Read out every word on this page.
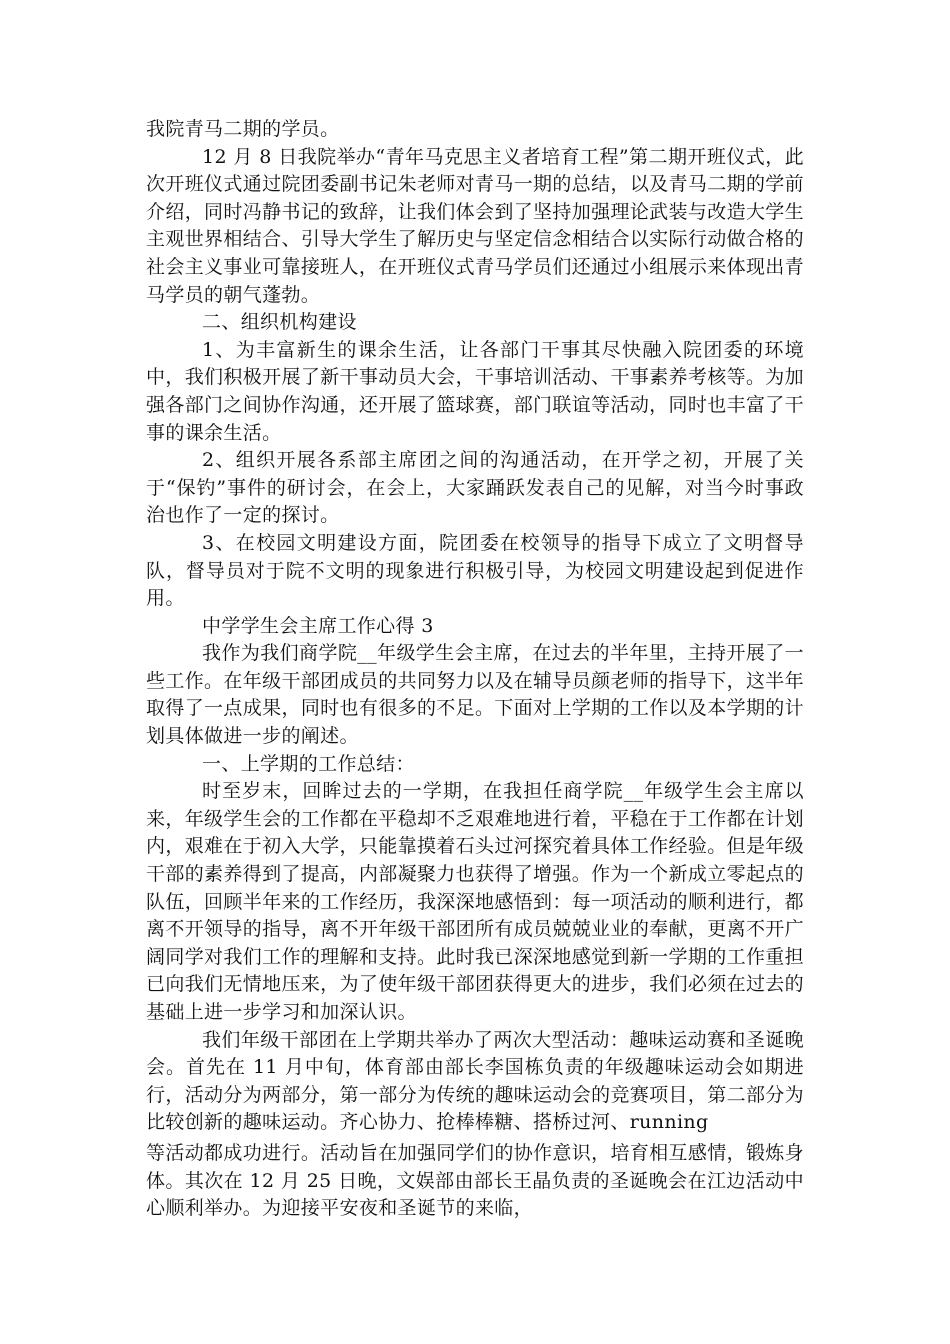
我院青马二期的学员。

12 月 8 日我院举办“青年马克思主义者培育工程”第二期开班仪式，此次开班仪式通过院团委副书记朱老师对青马一期的总结，以及青马二期的学前介绍，同时冯静书记的致辞，让我们体会到了坚持加强理论武装与改造大学生主观世界相结合、引导大学生了解历史与坚定信念相结合以实际行动做合格的社会主义事业可靠接班人，在开班仪式青马学员们还通过小组展示来体现出青马学员的朝气蓬勃。

二、组织机构建设

1、为丰富新生的课余生活，让各部门干事其尽快融入院团委的环境中，我们积极开展了新干事动员大会，干事培训活动、干事素养考核等。为加强各部门之间协作沟通，还开展了篮球赛，部门联谊等活动，同时也丰富了干事的课余生活。

2、组织开展各系部主席团之间的沟通活动，在开学之初，开展了关于“保钓”事件的研讨会，在会上，大家踊跃发表自己的见解，对当今时事政治也作了一定的探讨。

3、在校园文明建设方面，院团委在校领导的指导下成立了文明督导队，督导员对于院不文明的现象进行积极引导，为校园文明建设起到促进作用。

中学学生会主席工作心得 3

我作为我们商学院__年级学生会主席，在过去的半年里，主持开展了一些工作。在年级干部团成员的共同努力以及在辅导员颜老师的指导下，这半年取得了一点成果，同时也有很多的不足。下面对上学期的工作以及本学期的计划具体做进一步的阐述。

一、上学期的工作总结：

时至岁末，回眸过去的一学期，在我担任商学院__年级学生会主席以来，年级学生会的工作都在平稳却不乏艰难地进行着，平稳在于工作都在计划内，艰难在于初入大学，只能靠摸着石头过河探究着具体工作经验。但是年级干部的素养得到了提高，内部凝聚力也获得了增强。作为一个新成立零起点的队伍，回顾半年来的工作经历，我深深地感悟到：每一项活动的顺利进行，都离不开领导的指导，离不开年级干部团所有成员兢兢业业的奉献，更离不开广阔同学对我们工作的理解和支持。此时我已深深地感觉到新一学期的工作重担已向我们无情地压来，为了使年级干部团获得更大的进步，我们必须在过去的基础上进一步学习和加深认识。

我们年级干部团在上学期共举办了两次大型活动：趣味运动赛和圣诞晚会。首先在 11 月中旬，体育部由部长李国栋负责的年级趣味运动会如期进行，活动分为两部分，第一部分为传统的趣味运动会的竞赛项目，第二部分为比较创新的趣味运动。齐心协力、抢棒棒糖、搭桥过河、running

等活动都成功进行。活动旨在加强同学们的协作意识，培育相互感情，锻炼身体。其次在 12 月 25 日晚，文娱部由部长王晶负责的圣诞晚会在江边活动中心顺利举办。为迎接平安夜和圣诞节的来临，
